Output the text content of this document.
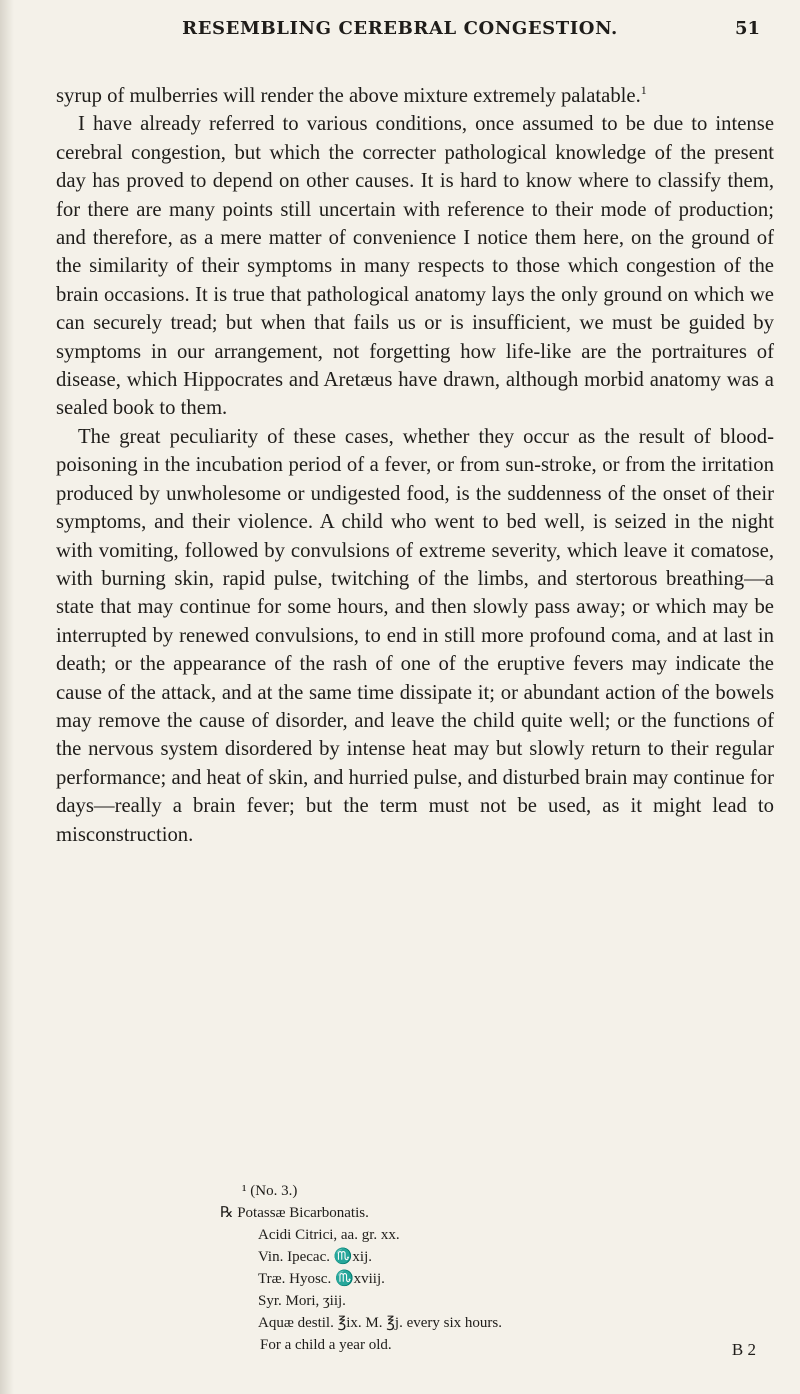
RESEMBLING CEREBRAL CONGESTION.	51

syrup of mulberries will render the above mixture extremely palatable.$^1$

I have already referred to various conditions, once assumed to be due to intense cerebral congestion, but which the correcter pathological knowledge of the present day has proved to depend on other causes. It is hard to know where to classify them, for there are many points still uncertain with reference to their mode of production; and therefore, as a mere matter of convenience I notice them here, on the ground of the similarity of their symptoms in many respects to those which congestion of the brain occasions. It is true that pathological anatomy lays the only ground on which we can securely tread; but when that fails us or is insufficient, we must be guided by symptoms in our arrangement, not forgetting how life-like are the portraitures of disease, which Hippocrates and Aretæus have drawn, although morbid anatomy was a sealed book to them.

The great peculiarity of these cases, whether they occur as the result of blood-poisoning in the incubation period of a fever, or from sun-stroke, or from the irritation produced by unwholesome or undigested food, is the suddenness of the onset of their symptoms, and their violence. A child who went to bed well, is seized in the night with vomiting, followed by convulsions of extreme severity, which leave it comatose, with burning skin, rapid pulse, twitching of the limbs, and stertorous breathing—a state that may continue for some hours, and then slowly pass away; or which may be interrupted by renewed convulsions, to end in still more profound coma, and at last in death; or the appearance of the rash of one of the eruptive fevers may indicate the cause of the attack, and at the same time dissipate it; or abundant action of the bowels may remove the cause of disorder, and leave the child quite well; or the functions of the nervous system disordered by intense heat may but slowly return to their regular performance; and heat of skin, and hurried pulse, and disturbed brain may continue for days—really a brain fever; but the term must not be used, as it might lead to misconstruction.

¹ (No. 3.)
℞ Potassæ Bicarbonatis.
Acidi Citrici, aa. gr. xx.
Vin. Ipecac. ♏xij.
Træ. Hyosc. ♏xviij.
Syr. Mori, ʒiij.
Aquæ destil. ℥ix. M. ℥j. every six hours.
For a child a year old.	B 2
